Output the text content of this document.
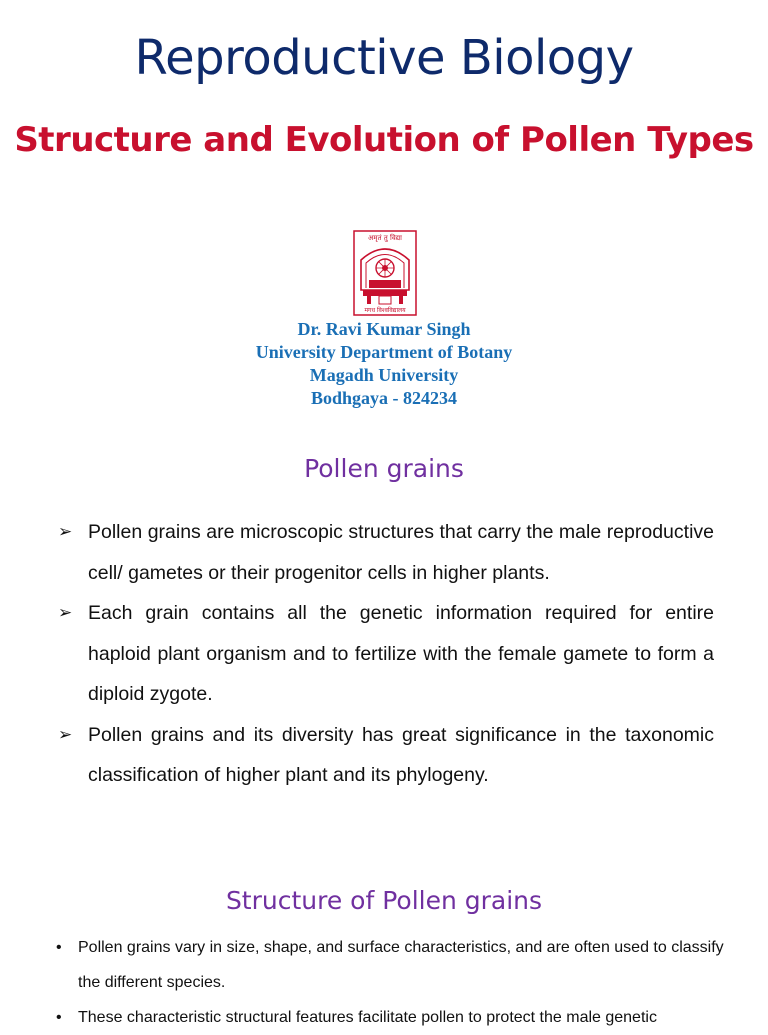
Reproductive Biology
Structure and Evolution of Pollen Types
अमृतं तु विद्या
मगध विश्वविद्यालय
Dr. Ravi Kumar Singh
University Department of Botany
Magadh University
Bodhgaya - 824234
Pollen grains
➢ Pollen grains are microscopic structures that carry the male reproductive cell/ gametes or their progenitor cells in higher plants.
➢ Each grain contains all the genetic information required for entire haploid plant organism and to fertilize with the female gamete to form a diploid zygote.
➢ Pollen grains and its diversity has great significance in the taxonomic classification of higher plant and its phylogeny.
Structure of Pollen grains
• Pollen grains vary in size, shape, and surface characteristics, and are often used to classify the different species.
• These characteristic structural features facilitate pollen to protect the male genetic
